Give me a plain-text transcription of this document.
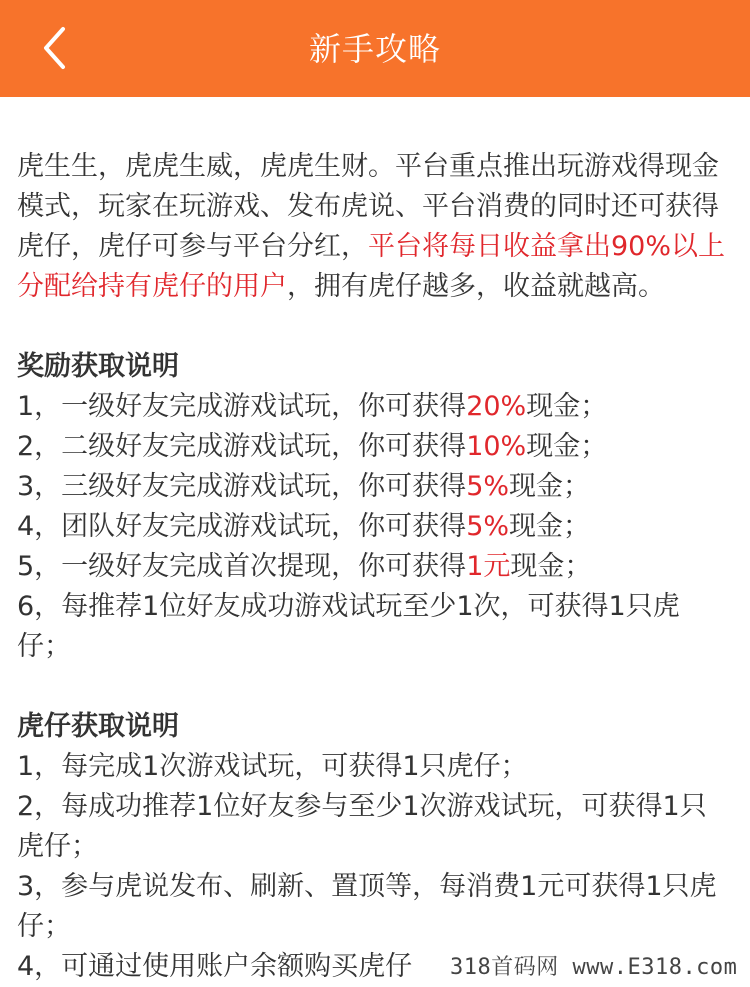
新手攻略

虎生生，虎虎生威，虎虎生财。平台重点推出玩游戏得现金模式，玩家在玩游戏、发布虎说、平台消费的同时还可获得虎仔，虎仔可参与平台分红，平台将每日收益拿出90%以上分配给持有虎仔的用户，拥有虎仔越多，收益就越高。

奖励获取说明

1，一级好友完成游戏试玩，你可获得20%现金；

2，二级好友完成游戏试玩，你可获得10%现金；

3，三级好友完成游戏试玩，你可获得5%现金；

4，团队好友完成游戏试玩，你可获得5%现金；

5，一级好友完成首次提现，你可获得1元现金；

6，每推荐1位好友成功游戏试玩至少1次，可获得1只虎仔；

虎仔获取说明

1，每完成1次游戏试玩，可获得1只虎仔；

2，每成功推荐1位好友参与至少1次游戏试玩，可获得1只虎仔；

3，参与虎说发布、刷新、置顶等，每消费1元可获得1只虎仔；

4，可通过使用账户余额购买虎仔	318首码网 www.E318.com
